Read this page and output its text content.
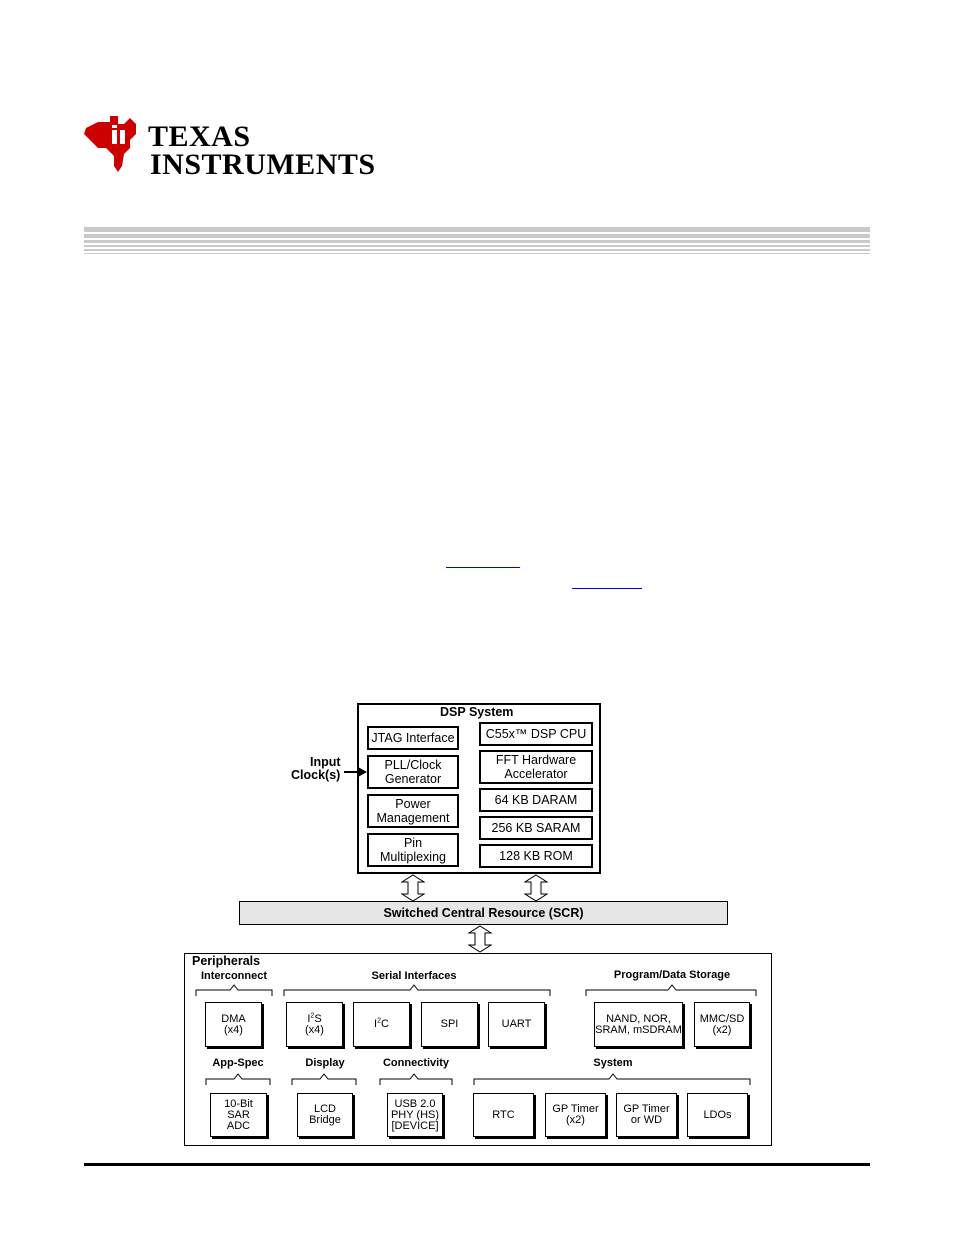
TEXAS
INSTRUMENTS
DSP System
JTAG Interface
PLL/Clock
Generator
Power
Management
Pin
Multiplexing
C55x™ DSP CPU
FFT Hardware
Accelerator
64 KB DARAM
256 KB SARAM
128 KB ROM
Input
Clock(s)
Switched Central Resource (SCR)
Peripherals
Interconnect	Serial Interfaces	Program/Data Storage
DMA
(x4)
$I^2S$
(x4)	$I^2C$	SPI	UART	NAND, NOR,
SRAM, mSDRAM
MMC/SD
(x2)
App-Spec	Display	Connectivity	System
10-Bit
SAR
ADC
LCD
Bridge
USB 2.0
PHY (HS)
[DEVICE]
RTC	GP Timer
(x2)
GP Timer
or WD	LDOs
